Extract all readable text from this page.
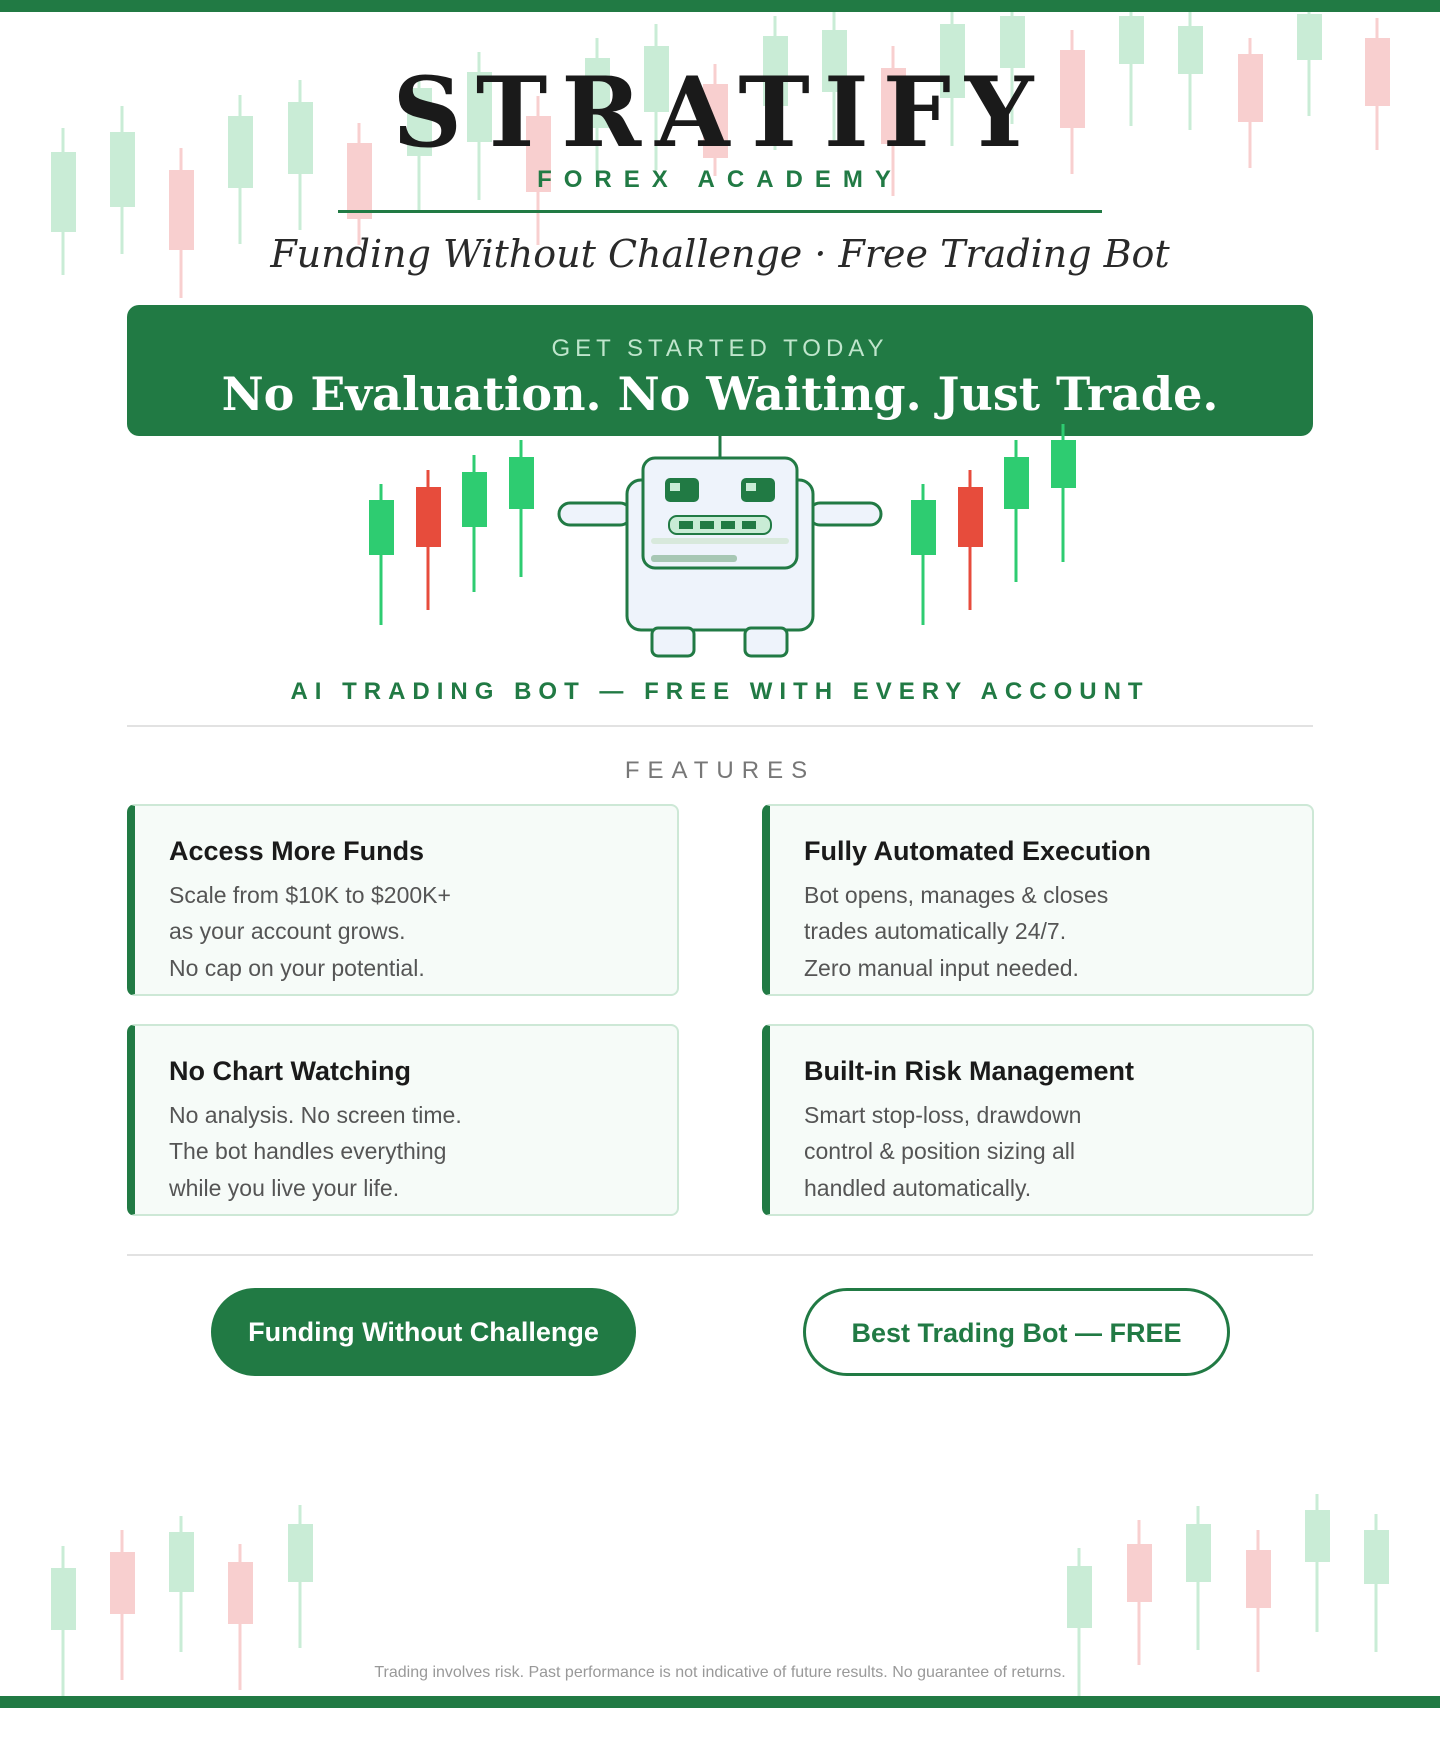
STRATIFY
FOREX ACADEMY
Funding Without Challenge · Free Trading Bot
GET STARTED TODAY
No Evaluation. No Waiting. Just Trade.
AI TRADING BOT — FREE WITH EVERY ACCOUNT
FEATURES
Access More Funds
Scale from $10K to $200K+
as your account grows.
No cap on your potential.
Fully Automated Execution
Bot opens, manages & closes
trades automatically 24/7.
Zero manual input needed.
No Chart Watching
No analysis. No screen time.
The bot handles everything
while you live your life.
Built-in Risk Management
Smart stop-loss, drawdown
control & position sizing all
handled automatically.
Funding Without Challenge	Best Trading Bot — FREE
Trading involves risk. Past performance is not indicative of future results. No guarantee of returns.
